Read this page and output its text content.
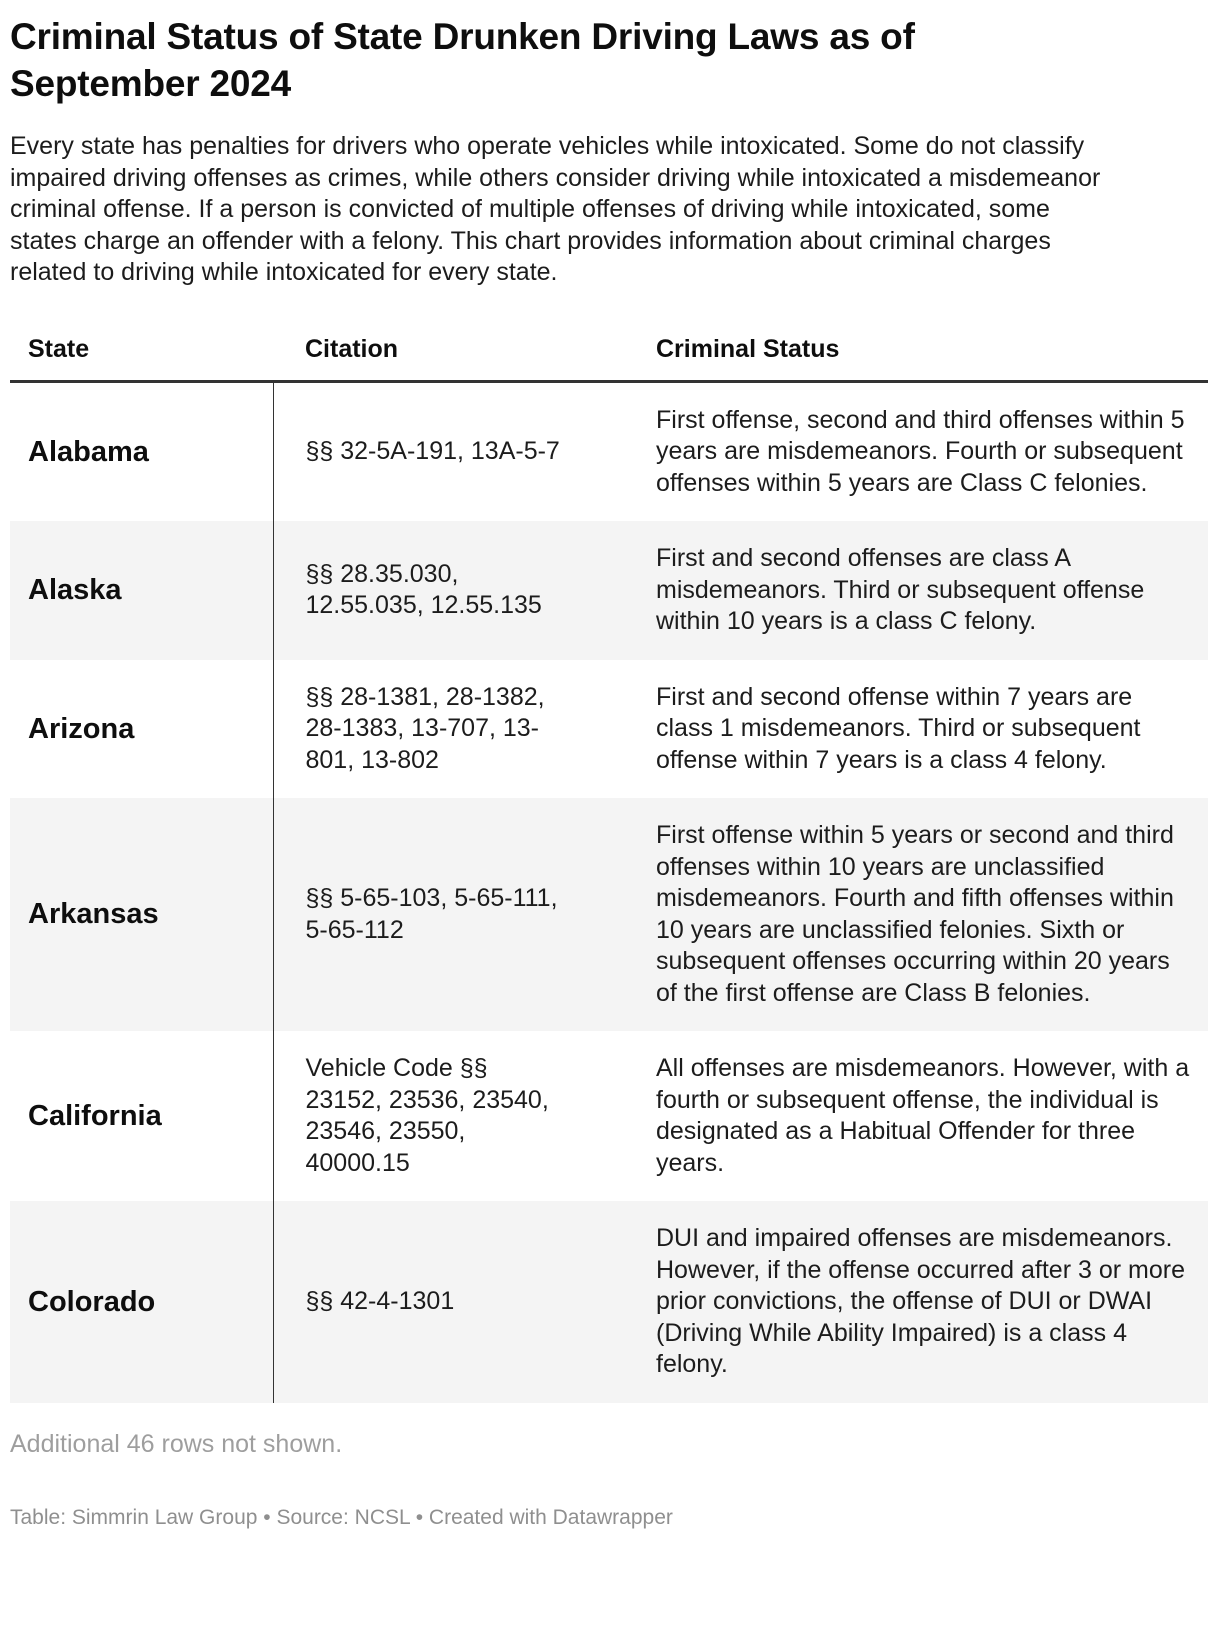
Criminal Status of State Drunken Driving Laws as of September 2024

Every state has penalties for drivers who operate vehicles while intoxicated. Some do not classify impaired driving offenses as crimes, while others consider driving while intoxicated a misdemeanor criminal offense. If a person is convicted of multiple offenses of driving while intoxicated, some states charge an offender with a felony. This chart provides information about criminal charges related to driving while intoxicated for every state.

State	Citation	Criminal Status
Alabama	§§ 32-5A-191, 13A-5-7	First offense, second and third offenses within 5 years are misdemeanors. Fourth or subsequent offenses within 5 years are Class C felonies.
Alaska	§§ 28.35.030, 12.55.035, 12.55.135	First and second offenses are class A misdemeanors. Third or subsequent offense within 10 years is a class C felony.
Arizona	§§ 28-1381, 28-1382, 28-1383, 13-707, 13-801, 13-802	First and second offense within 7 years are class 1 misdemeanors. Third or subsequent offense within 7 years is a class 4 felony.
Arkansas	§§ 5-65-103, 5-65-111, 5-65-112	First offense within 5 years or second and third offenses within 10 years are unclassified misdemeanors. Fourth and fifth offenses within 10 years are unclassified felonies. Sixth or subsequent offenses occurring within 20 years of the first offense are Class B felonies.
California	Vehicle Code §§ 23152, 23536, 23540, 23546, 23550, 40000.15	All offenses are misdemeanors. However, with a fourth or subsequent offense, the individual is designated as a Habitual Offender for three years.
Colorado	§§ 42-4-1301	DUI and impaired offenses are misdemeanors. However, if the offense occurred after 3 or more prior convictions, the offense of DUI or DWAI (Driving While Ability Impaired) is a class 4 felony.

Additional 46 rows not shown.

Table: Simmrin Law Group • Source: NCSL • Created with Datawrapper
